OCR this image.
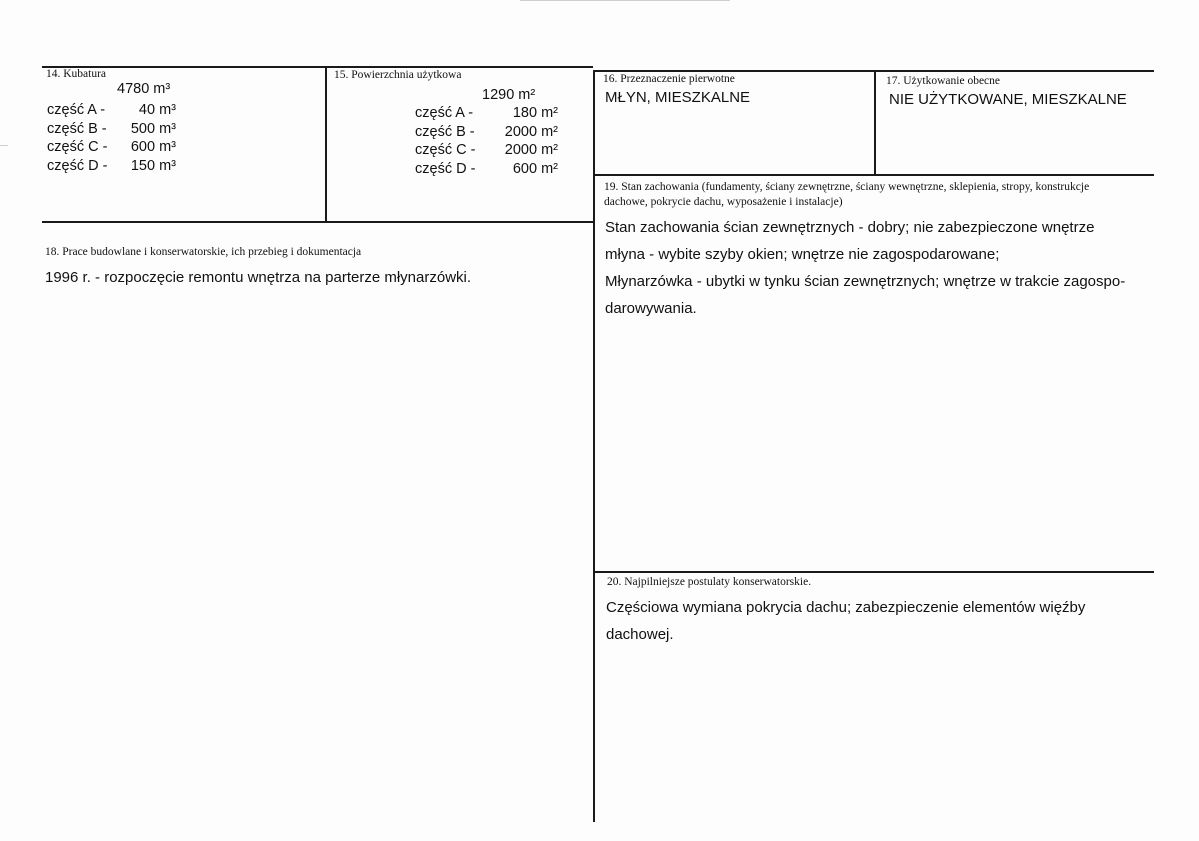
14. Kubatura
4780 m³
część A -	40 m³
część B -	500 m³
część C -	600 m³
część D -	150 m³
15. Powierzchnia użytkowa
1290 m²
część A -	180 m²
część B -	2000 m²
część C -	2000 m²
część D -	600 m²
16. Przeznaczenie pierwotne
MŁYN, MIESZKALNE
17. Użytkowanie obecne
NIE UŻYTKOWANE, MIESZKALNE
18. Prace budowlane i konserwatorskie, ich przebieg i dokumentacja
1996 r. - rozpoczęcie remontu wnętrza na parterze młynarzówki.
19. Stan zachowania (fundamenty, ściany zewnętrzne, ściany wewnętrzne, sklepienia, stropy, konstrukcje dachowe, pokrycie dachu, wyposażenie i instalacje)
Stan zachowania ścian zewnętrznych - dobry; nie zabezpieczone wnętrze
młyna - wybite szyby okien; wnętrze nie zagospodarowane;
Młynarzówka - ubytki w tynku ścian zewnętrznych; wnętrze w trakcie zagospo-
darowywania.
20. Najpilniejsze postulaty konserwatorskie.
Częściowa wymiana pokrycia dachu; zabezpieczenie elementów więźby
dachowej.
